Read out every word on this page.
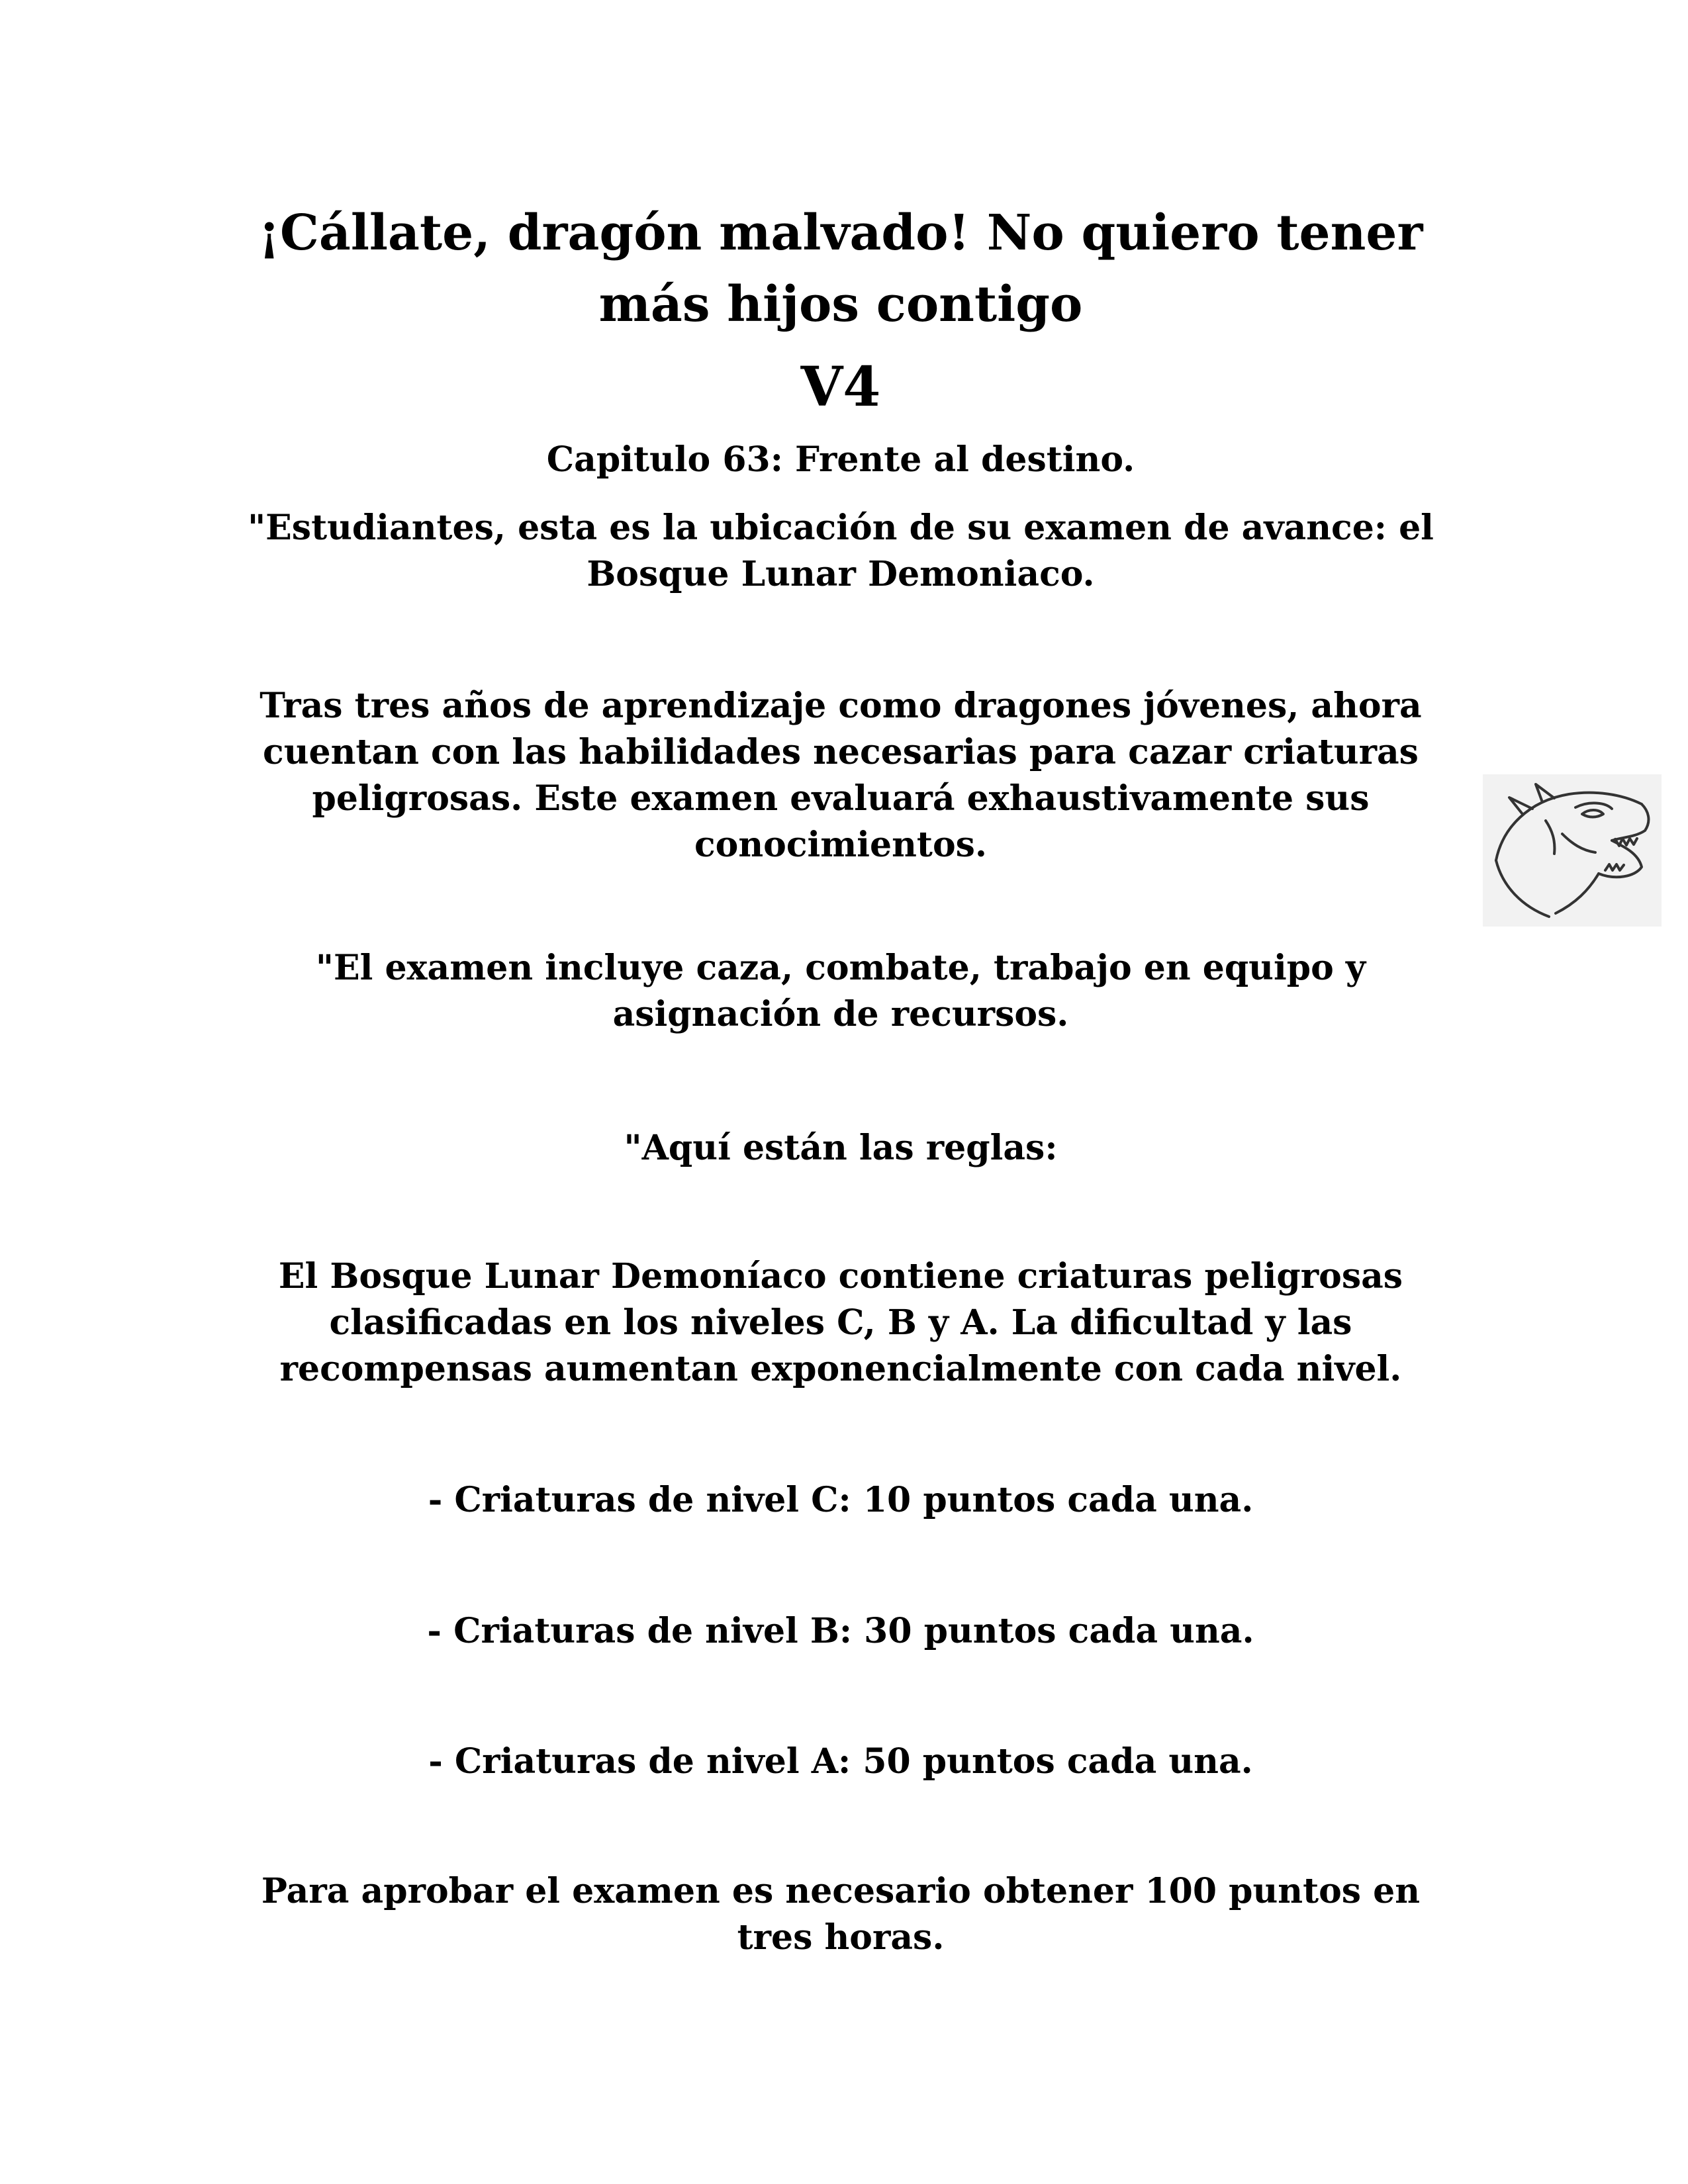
¡Cállate, dragón malvado! No quiero tener más hijos contigo
V4
Capitulo 63: Frente al destino.

"Estudiantes, esta es la ubicación de su examen de avance: el Bosque Lunar Demoniaco.

Tras tres años de aprendizaje como dragones jóvenes, ahora cuentan con las habilidades necesarias para cazar criaturas peligrosas. Este examen evaluará exhaustivamente sus conocimientos.

"El examen incluye caza, combate, trabajo en equipo y asignación de recursos.

"Aquí están las reglas:

El Bosque Lunar Demoníaco contiene criaturas peligrosas clasificadas en los niveles C, B y A. La dificultad y las recompensas aumentan exponencialmente con cada nivel.

- Criaturas de nivel C: 10 puntos cada una.

- Criaturas de nivel B: 30 puntos cada una.

- Criaturas de nivel A: 50 puntos cada una.

Para aprobar el examen es necesario obtener 100 puntos en tres horas.
